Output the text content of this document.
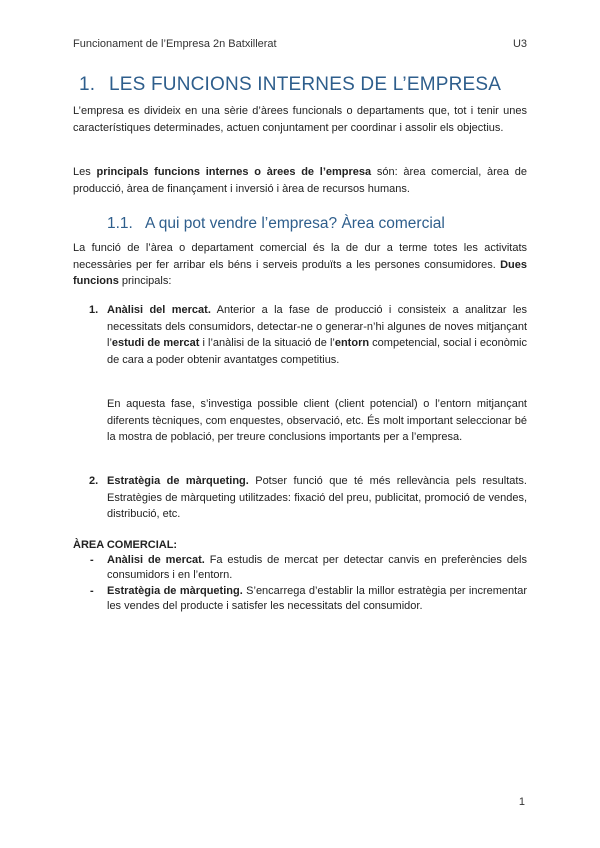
Funcionament de l’Empresa 2n Batxillerat	U3
1. LES FUNCIONS INTERNES DE L’EMPRESA
L’empresa es divideix en una sèrie d’àrees funcionals o departaments que, tot i tenir unes característiques determinades, actuen conjuntament per coordinar i assolir els objectius.
Les principals funcions internes o àrees de l’empresa són: àrea comercial, àrea de producció, àrea de finançament i inversió i àrea de recursos humans.
1.1. A qui pot vendre l’empresa? Àrea comercial
La funció de l’àrea o departament comercial és la de dur a terme totes les activitats necessàries per fer arribar els béns i serveis produïts a les persones consumidores. Dues funcions principals:
1. Anàlisi del mercat. Anterior a la fase de producció i consisteix a analitzar les necessitats dels consumidors, detectar-ne o generar-n’hi algunes de noves mitjançant l’estudi de mercat i l’anàlisi de la situació de l’entorn competencial, social i econòmic de cara a poder obtenir avantatges competitius.
En aquesta fase, s’investiga possible client (client potencial) o l’entorn mitjançant diferents tècniques, com enquestes, observació, etc. És molt important seleccionar bé la mostra de població, per treure conclusions importants per a l’empresa.
2. Estratègia de màrqueting. Potser funció que té més rellevància pels resultats. Estratègies de màrqueting utilitzades: fixació del preu, publicitat, promoció de vendes, distribució, etc.
ÀREA COMERCIAL:
- Anàlisi de mercat. Fa estudis de mercat per detectar canvis en preferències dels consumidors i en l’entorn.
- Estratègia de màrqueting. S’encarrega d’establir la millor estratègia per incrementar les vendes del producte i satisfer les necessitats del consumidor.
1
